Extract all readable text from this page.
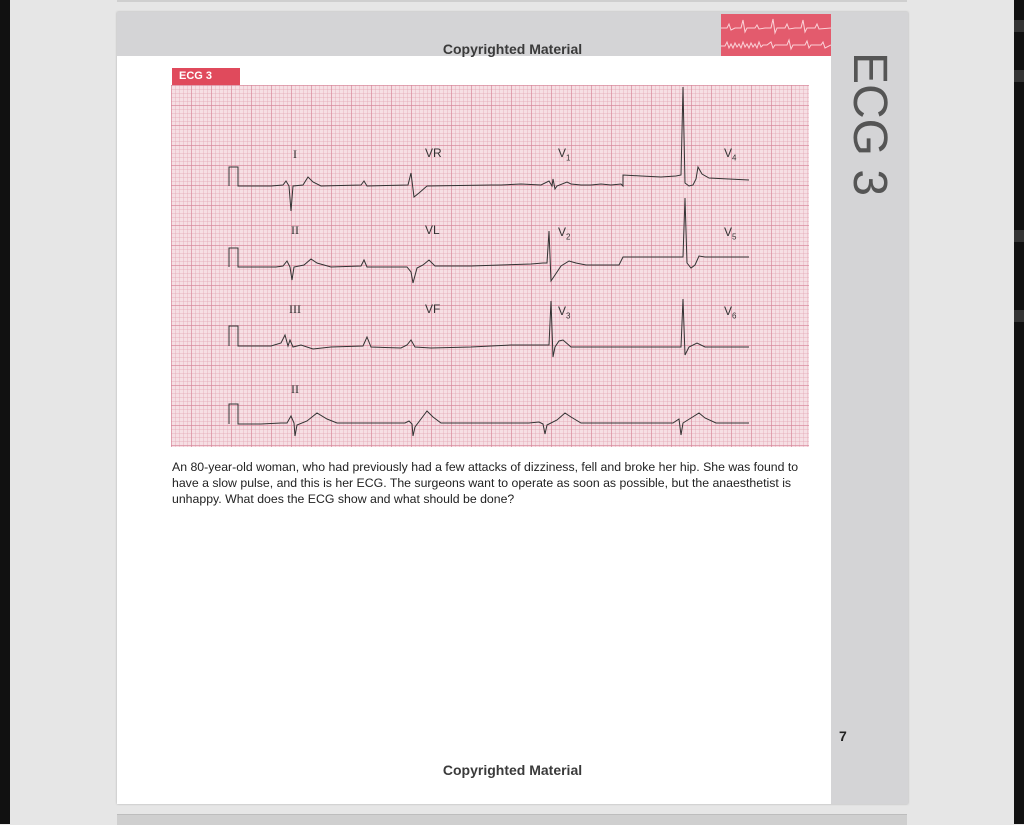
Copyrighted Material
ECG 3
ECG 3
I	VR	$V_1$	$V_4$
II	VL	$V_2$	$V_5$
III	VF	$V_3$	$V_6$
II
An 80-year-old woman, who had previously had a few attacks of dizziness, fell and broke her hip. She was found to have a slow pulse, and this is her ECG. The surgeons want to operate as soon as possible, but the anaesthetist is unhappy. What does the ECG show and what should be done?
7
Copyrighted Material
